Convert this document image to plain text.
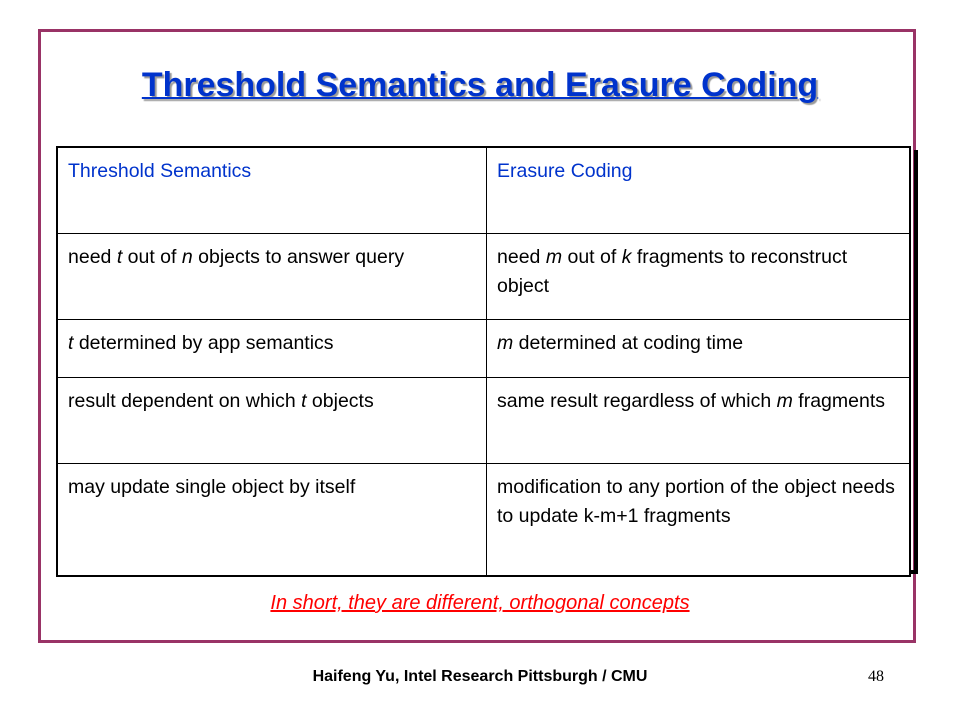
Threshold Semantics and Erasure Coding
Threshold Semantics	Erasure Coding
need t out of n objects to answer query	need m out of k fragments to reconstruct object
t determined by app semantics	m determined at coding time
result dependent on which t objects	same result regardless of which m fragments
may update single object by itself	modification to any portion of the object needs to update k-m+1 fragments
In short, they are different, orthogonal concepts
Haifeng Yu, Intel Research Pittsburgh / CMU	48
